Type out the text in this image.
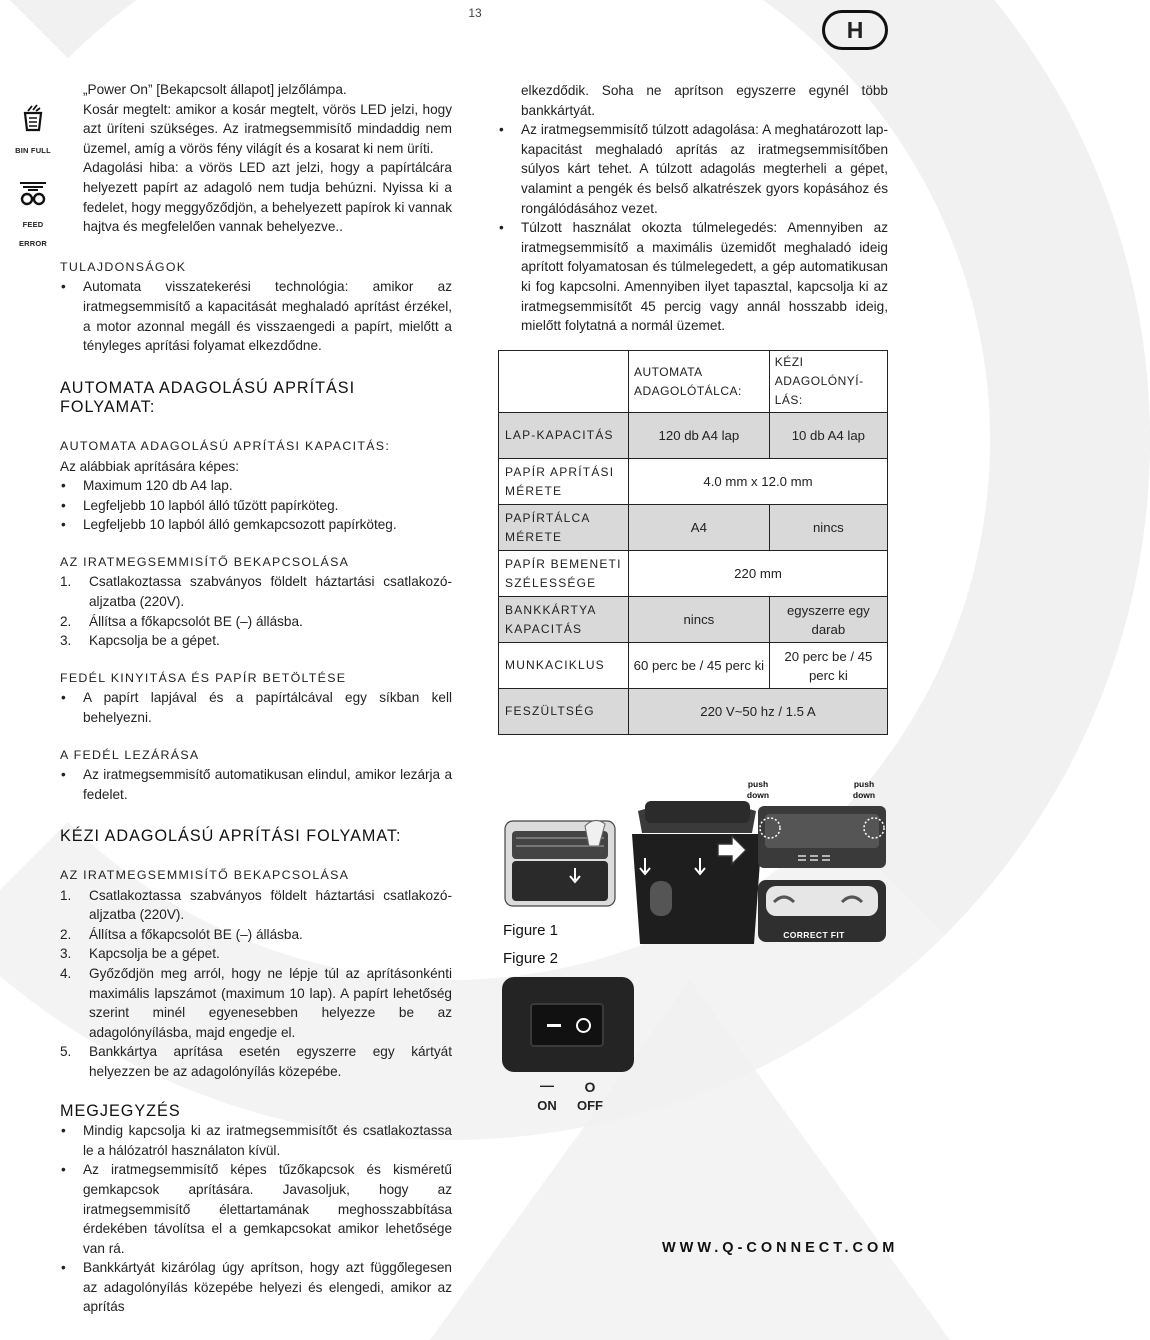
13
H
BIN FULL
FEED ERROR

„Power On” [Bekapcsolt állapot] jelzőlámpa.

Kosár megtelt: amikor a kosár megtelt, vörös LED jelzi, hogy azt üríteni szükséges. Az iratmegsemmisítő mindaddig nem üzemel, amíg a vörös fény világít és a kosarat ki nem üríti.

Adagolási hiba: a vörös LED azt jelzi, hogy a papírtálcára helyezett papírt az adagoló nem tudja behúzni. Nyissa ki a fedelet, hogy meggyőződjön, a behelyezett papírok ki vannak hajtva és megfelelően vannak behelyezve..

TULAJDONSÁGOK
• Automata visszatekerési technológia: amikor az iratmegsemmisítő a kapacitását meghaladó aprítást érzékel, a motor azonnal megáll és visszaengedi a papírt, mielőtt a tényleges aprítási folyamat elkezdődne.
AUTOMATA ADAGOLÁSÚ APRÍTÁSI FOLYAMAT:
AUTOMATA ADAGOLÁSÚ APRÍTÁSI KAPACITÁS:

Az alábbiak aprítására képes:

• Maximum 120 db A4 lap.
• Legfeljebb 10 lapból álló tűzött papírköteg.
• Legfeljebb 10 lapból álló gemkapcsozott papírköteg.
AZ IRATMEGSEMMISÍTŐ BEKAPCSOLÁSA
1. Csatlakoztassa szabványos földelt háztartási csatlakozó-aljzatba (220V).
2. Állítsa a főkapcsolót BE (–) állásba.
3. Kapcsolja be a gépet.
FEDÉL KINYITÁSA ÉS PAPÍR BETÖLTÉSE
• A papírt lapjával és a papírtálcával egy síkban kell behelyezni.
A FEDÉL LEZÁRÁSA
• Az iratmegsemmisítő automatikusan elindul, amikor lezárja a fedelet.
KÉZI ADAGOLÁSÚ APRÍTÁSI FOLYAMAT:
AZ IRATMEGSEMMISÍTŐ BEKAPCSOLÁSA
1. Csatlakoztassa szabványos földelt háztartási csatlakozó-aljzatba (220V).
2. Állítsa a főkapcsolót BE (–) állásba.
3. Kapcsolja be a gépet.
4. Győződjön meg arról, hogy ne lépje túl az aprításonkénti maximális lapszámot (maximum 10 lap). A papírt lehetőség szerint minél egyenesebben helyezze be az adagolónyílásba, majd engedje el.
5. Bankkártya aprítása esetén egyszerre egy kártyát helyezzen be az adagolónyílás közepébe.
MEGJEGYZÉS
• Mindig kapcsolja ki az iratmegsemmisítőt és csatlakoztassa le a hálózatról használaton kívül.
• Az iratmegsemmisítő képes tűzőkapcsok és kisméretű gemkapcsok aprítására. Javasoljuk, hogy az iratmegsemmisítő élettartamának meghosszabbítása érdekében távolítsa el a gemkapcsokat amikor lehetősége van rá.
• Bankkártyát kizárólag úgy aprítson, hogy azt függőlegesen az adagolónyílás közepébe helyezi és elengedi, amikor az aprítás

elkezdődik. Soha ne aprítson egyszerre egynél több bankkártyát.

• Az iratmegsemmisítő túlzott adagolása: A meghatározott lap-kapacitást meghaladó aprítás az iratmegsemmisítőben súlyos kárt tehet. A túlzott adagolás megterheli a gépet, valamint a pengék és belső alkatrészek gyors kopásához és rongálódásához vezet.
• Túlzott használat okozta túlmelegedés: Amennyiben az iratmegsemmisítő a maximális üzemidőt meghaladó ideig aprított folyamatosan és túlmelegedett, a gép automatikusan ki fog kapcsolni. Amennyiben ilyet tapasztal, kapcsolja ki az iratmegsemmisítőt 45 percig vagy annál hosszabb ideig, mielőtt folytatná a normál üzemet.
	AUTOMATA ADAGOLÓTÁLCA:	KÉZI ADAGOLÓNYÍ-LÁS:
LAP-KAPACITÁS	120 db A4 lap	10 db A4 lap
PAPÍR APRÍTÁSI MÉRETE	4.0 mm x 12.0 mm	
PAPÍRTÁLCA MÉRETE	A4	nincs
PAPÍR BEMENETI SZÉLESSÉGE	220 mm	
BANKKÁRTYA KAPACITÁS	nincs	egyszerre egy darab
MUNKACIKLUS	60 perc be / 45 perc ki	20 perc be / 45 perc ki
FESZÜLTSÉG	220 V~50 hz / 1.5 A	
push down
push down
CORRECT FIT
Figure 1
Figure 2
—	O
ON	OFF
WWW.Q-CONNECT.COM
